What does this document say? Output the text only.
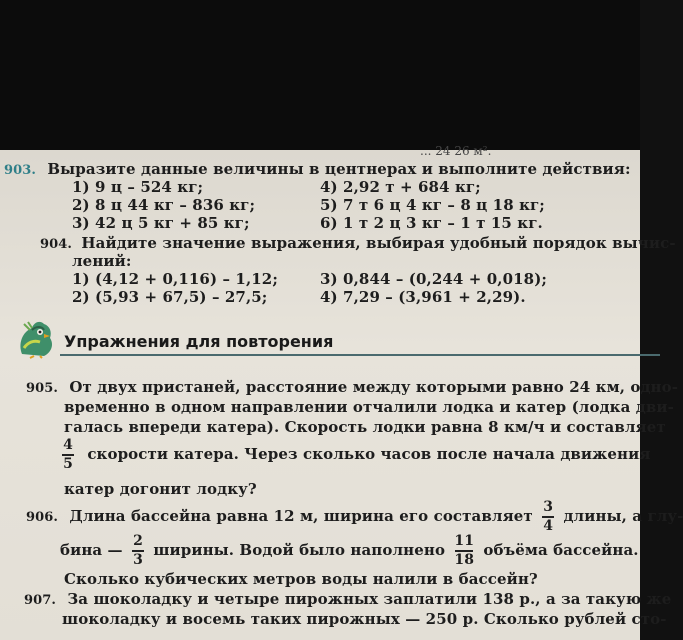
... 24 26 м².
903. Выразите данные величины в центнерах и выполните действия:
1) 9 ц – 524 кг;	4) 2,92 т + 684 кг;
2) 8 ц 44 кг – 836 кг;	5) 7 т 6 ц 4 кг – 8 ц 18 кг;
3) 42 ц 5 кг + 85 кг;	6) 1 т 2 ц 3 кг – 1 т 15 кг.
904. Найдите значение выражения, выбирая удобный порядок вычис-
лений:
1) (4,12 + 0,116) – 1,12;	3) 0,844 – (0,244 + 0,018);
2) (5,93 + 67,5) – 27,5;	4) 7,29 – (3,961 + 2,29).
Упражнения для повторения
905. От двух пристаней, расстояние между которыми равно 24 км, одно-
временно в одном направлении отчалили лодка и катер (лодка дви-
галась впереди катера). Скорость лодки равна 8 км/ч и составляет
$\frac{4}{5}$ скорости катера. Через сколько часов после начала движения
катер догонит лодку?
906. Длина бассейна равна 12 м, ширина его составляет $\frac{3}{4}$ длины, а глу-
бина — $\frac{2}{3}$ ширины. Водой было наполнено $\frac{11}{18}$ объёма бассейна.
Сколько кубических метров воды налили в бассейн?
907. За шоколадку и четыре пирожных заплатили 138 р., а за такую же
шоколадку и восемь таких пирожных — 250 р. Сколько рублей сто-
